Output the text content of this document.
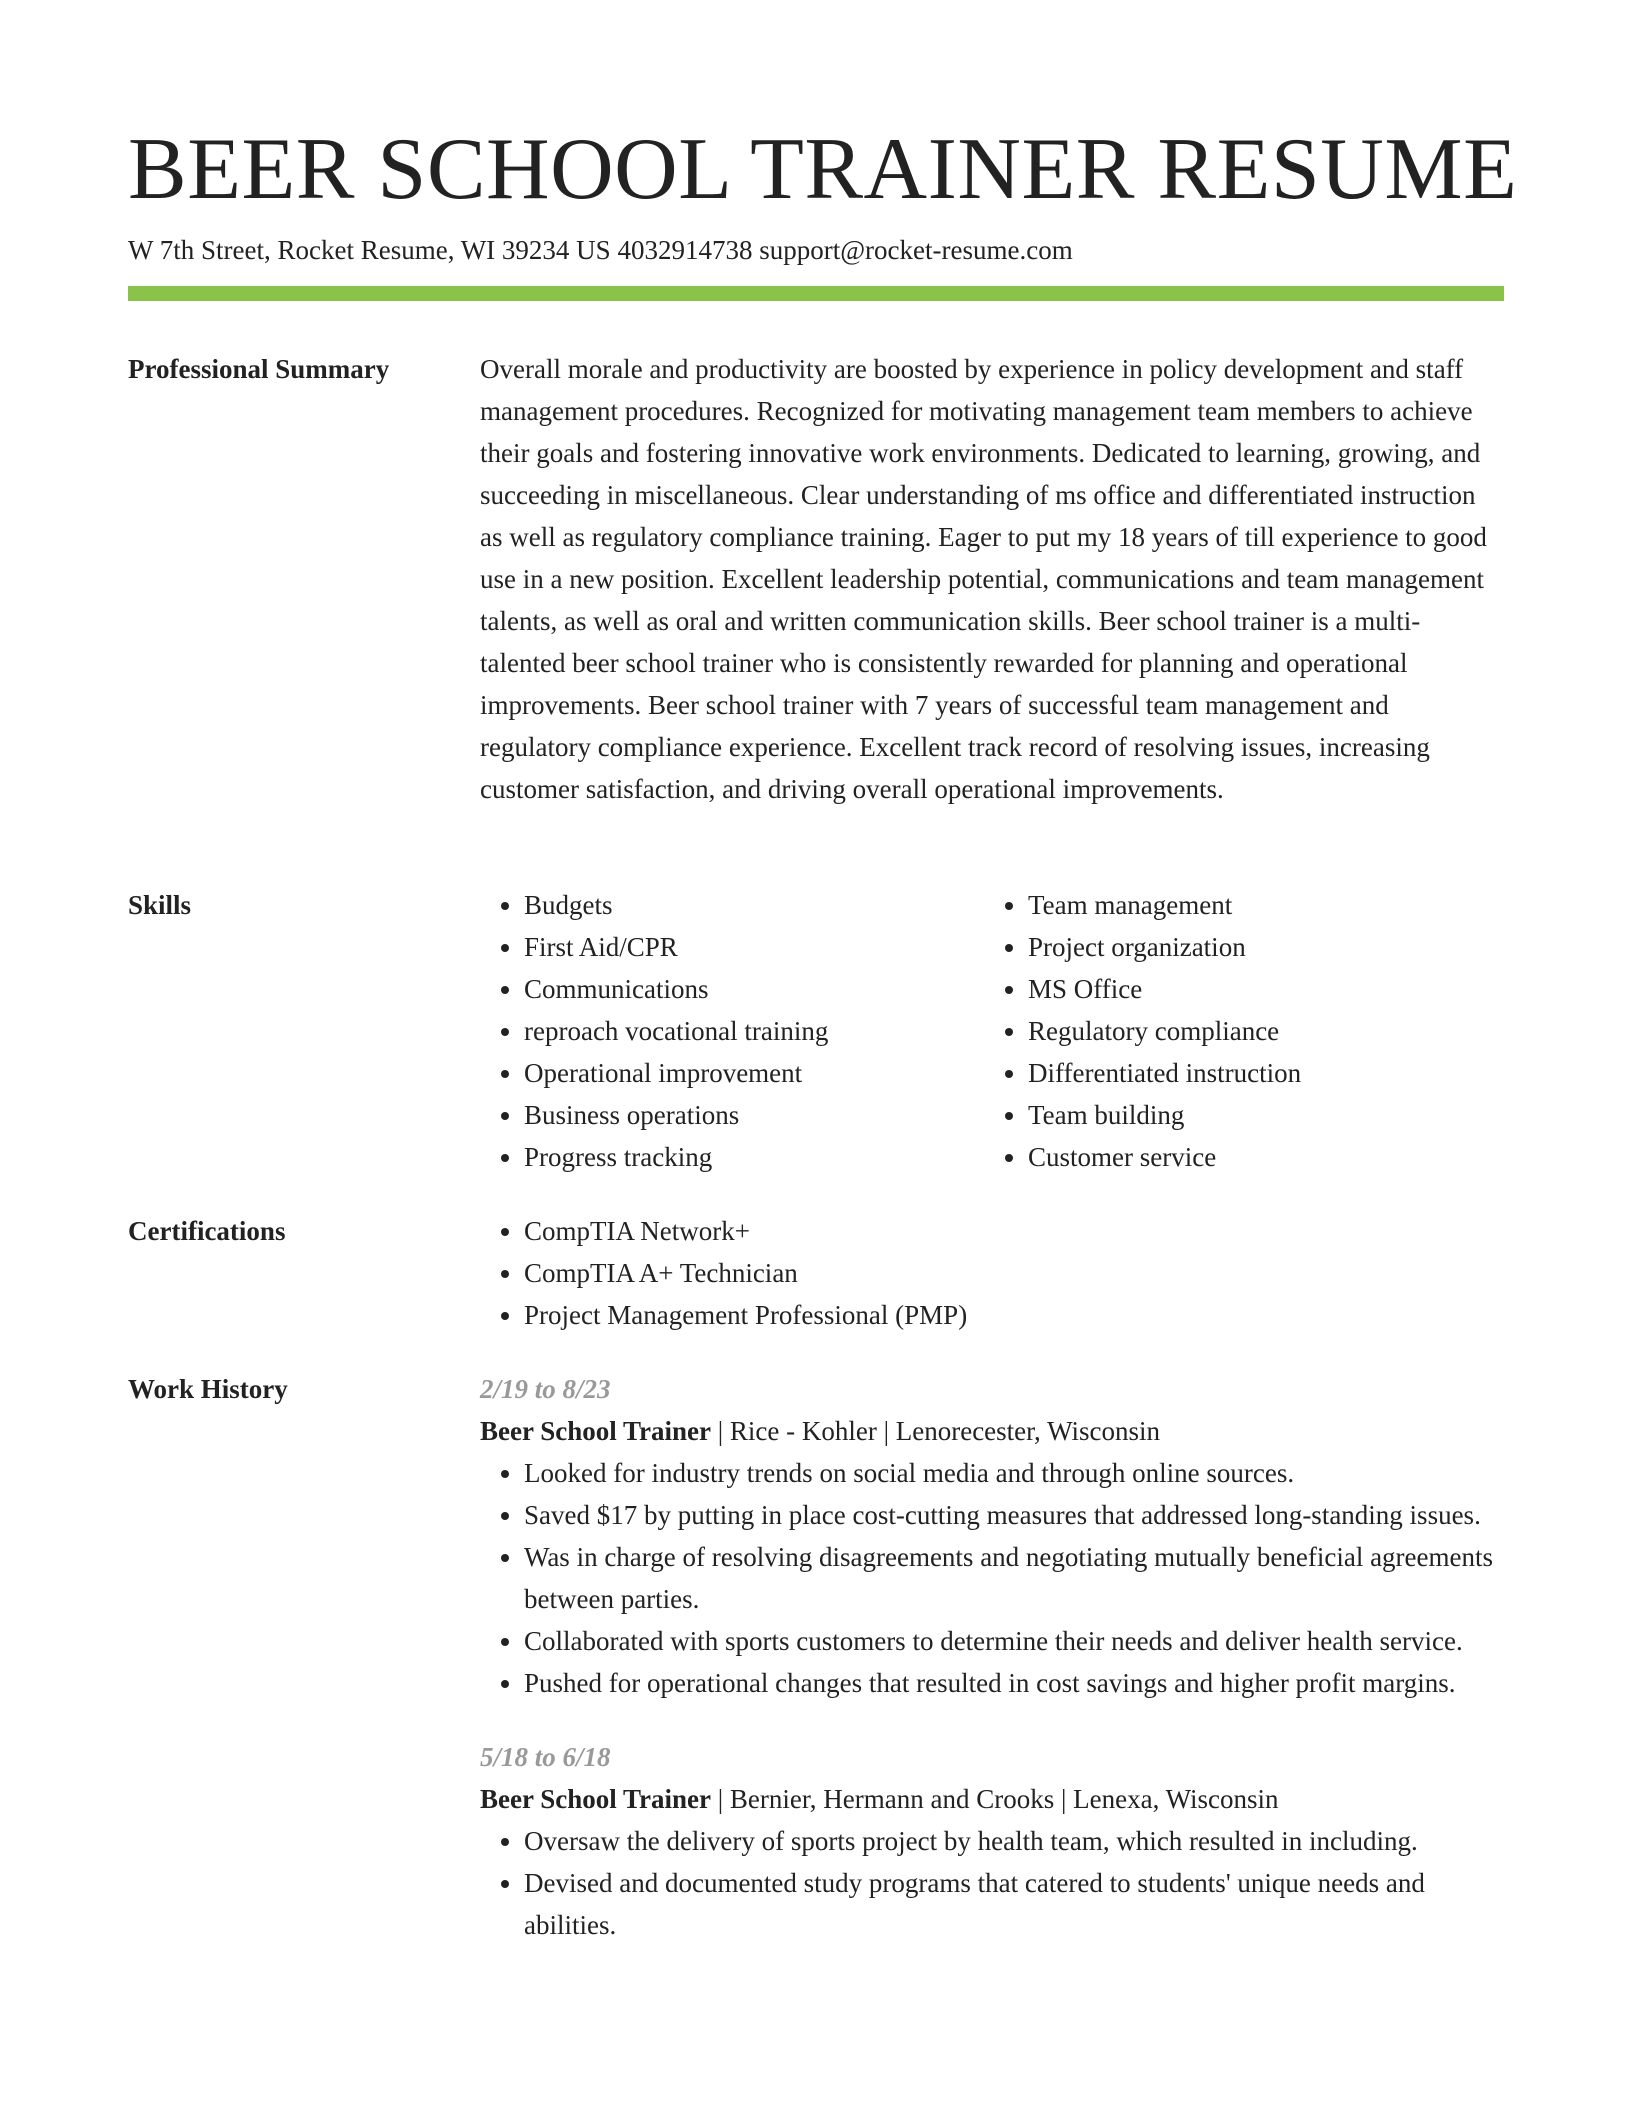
BEER SCHOOL TRAINER RESUME
W 7th Street, Rocket Resume, WI 39234 US 4032914738 support@rocket-resume.com
Professional Summary	Overall morale and productivity are boosted by experience in policy development and staff management procedures. Recognized for motivating management team members to achieve their goals and fostering innovative work environments. Dedicated to learning, growing, and succeeding in miscellaneous. Clear understanding of ms office and differentiated instruction as well as regulatory compliance training. Eager to put my 18 years of till experience to good use in a new position. Excellent leadership potential, communications and team management talents, as well as oral and written communication skills. Beer school trainer is a multi-talented beer school trainer who is consistently rewarded for planning and operational improvements. Beer school trainer with 7 years of successful team management and regulatory compliance experience. Excellent track record of resolving issues, increasing customer satisfaction, and driving overall operational improvements.

Skills	• Budgets
• First Aid/CPR
• Communications
• reproach vocational training
• Operational improvement
• Business operations
• Progress tracking
• Team management
• Project organization
• MS Office
• Regulatory compliance
• Differentiated instruction
• Team building
• Customer service
Certifications	• CompTIA Network+
• CompTIA A+ Technician
• Project Management Professional (PMP)
Work History	2/19 to 8/23
Beer School Trainer | Rice - Kohler | Lenorecester, Wisconsin
• Looked for industry trends on social media and through online sources.
• Saved $17 by putting in place cost-cutting measures that addressed long-standing issues.
• Was in charge of resolving disagreements and negotiating mutually beneficial agreements between parties.
• Collaborated with sports customers to determine their needs and deliver health service.
• Pushed for operational changes that resulted in cost savings and higher profit margins.
5/18 to 6/18
Beer School Trainer | Bernier, Hermann and Crooks | Lenexa, Wisconsin
• Oversaw the delivery of sports project by health team, which resulted in including.
• Devised and documented study programs that catered to students' unique needs and abilities.
